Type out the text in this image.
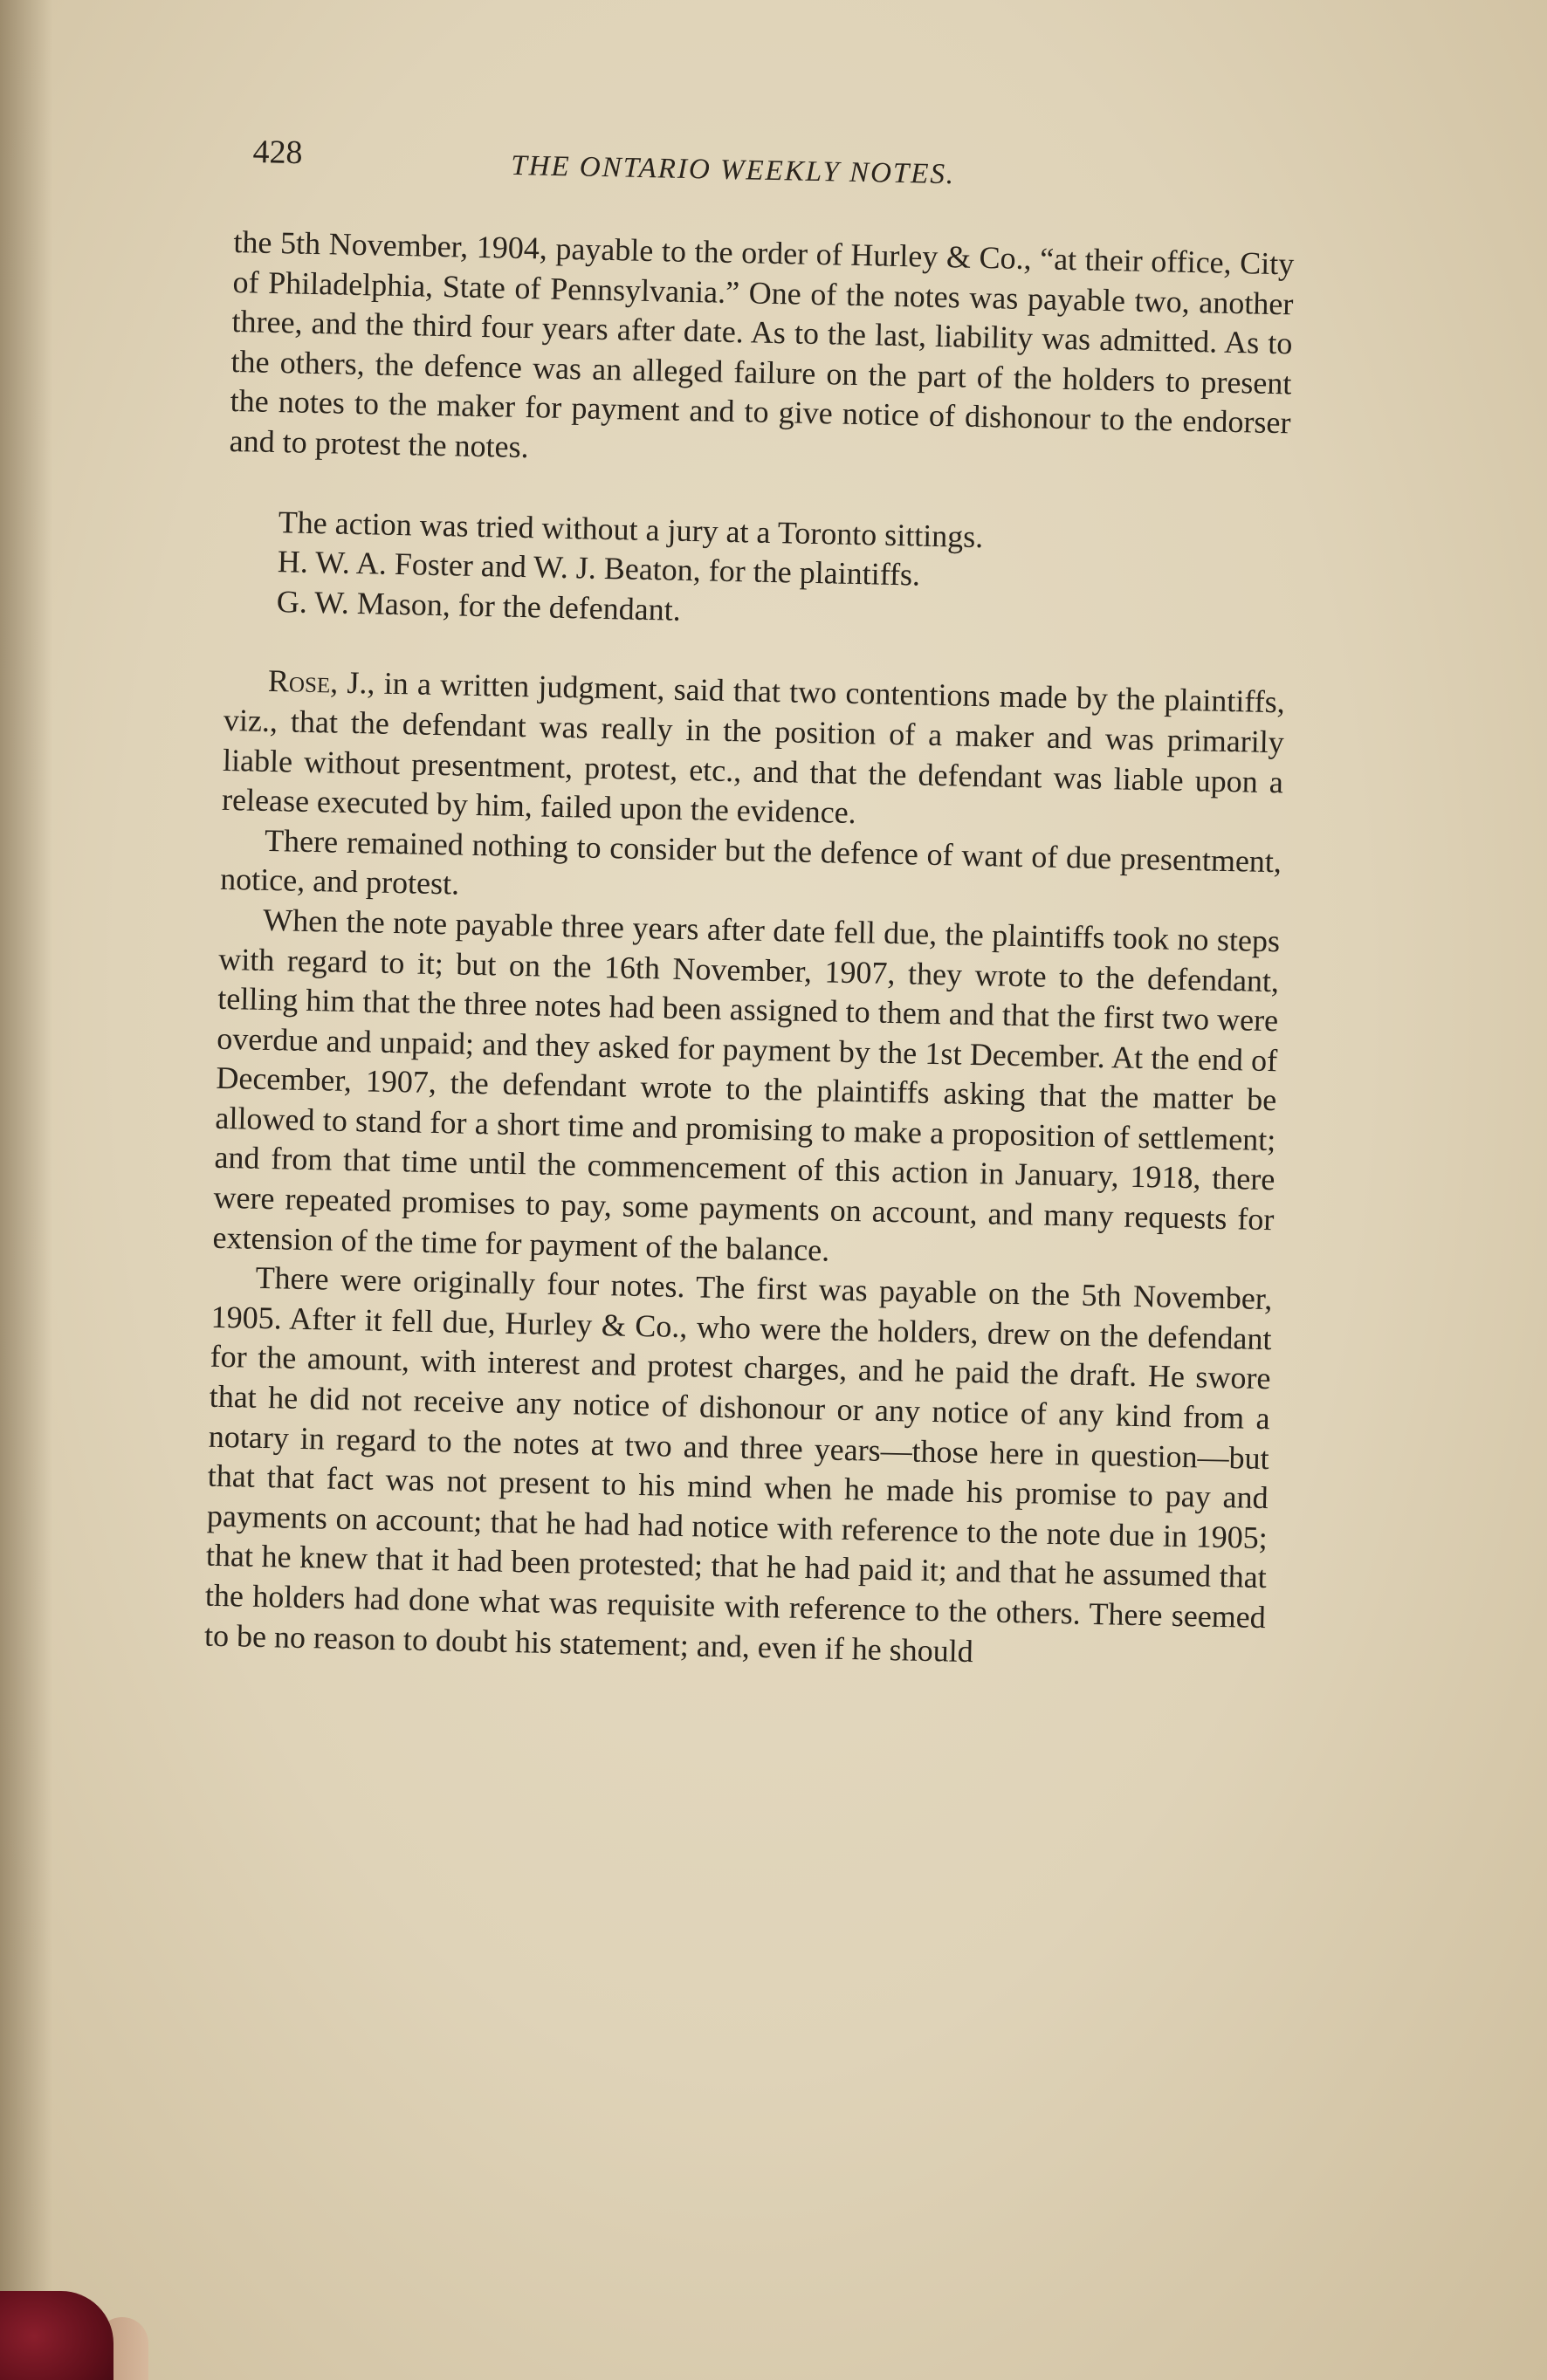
428	THE ONTARIO WEEKLY NOTES.

the 5th November, 1904, payable to the order of Hurley & Co., “at their office, City of Philadelphia, State of Pennsylvania.” One of the notes was payable two, another three, and the third four years after date. As to the last, liability was admitted. As to the others, the defence was an alleged failure on the part of the holders to present the notes to the maker for payment and to give notice of dishonour to the endorser and to protest the notes.

The action was tried without a jury at a Toronto sittings.

H. W. A. Foster and W. J. Beaton, for the plaintiffs.

G. W. Mason, for the defendant.

Rose, J., in a written judgment, said that two contentions made by the plaintiffs, viz., that the defendant was really in the position of a maker and was primarily liable without presentment, protest, etc., and that the defendant was liable upon a release executed by him, failed upon the evidence.

There remained nothing to consider but the defence of want of due presentment, notice, and protest.

When the note payable three years after date fell due, the plaintiffs took no steps with regard to it; but on the 16th November, 1907, they wrote to the defendant, telling him that the three notes had been assigned to them and that the first two were overdue and unpaid; and they asked for payment by the 1st December. At the end of December, 1907, the defendant wrote to the plaintiffs asking that the matter be allowed to stand for a short time and promising to make a proposition of settlement; and from that time until the commencement of this action in January, 1918, there were repeated promises to pay, some payments on account, and many requests for extension of the time for payment of the balance.

There were originally four notes. The first was payable on the 5th November, 1905. After it fell due, Hurley & Co., who were the holders, drew on the defendant for the amount, with interest and protest charges, and he paid the draft. He swore that he did not receive any notice of dishonour or any notice of any kind from a notary in regard to the notes at two and three years—those here in question—but that that fact was not present to his mind when he made his promise to pay and payments on account; that he had had notice with reference to the note due in 1905; that he knew that it had been protested; that he had paid it; and that he assumed that the holders had done what was requisite with reference to the others. There seemed to be no reason to doubt his statement; and, even if he should
